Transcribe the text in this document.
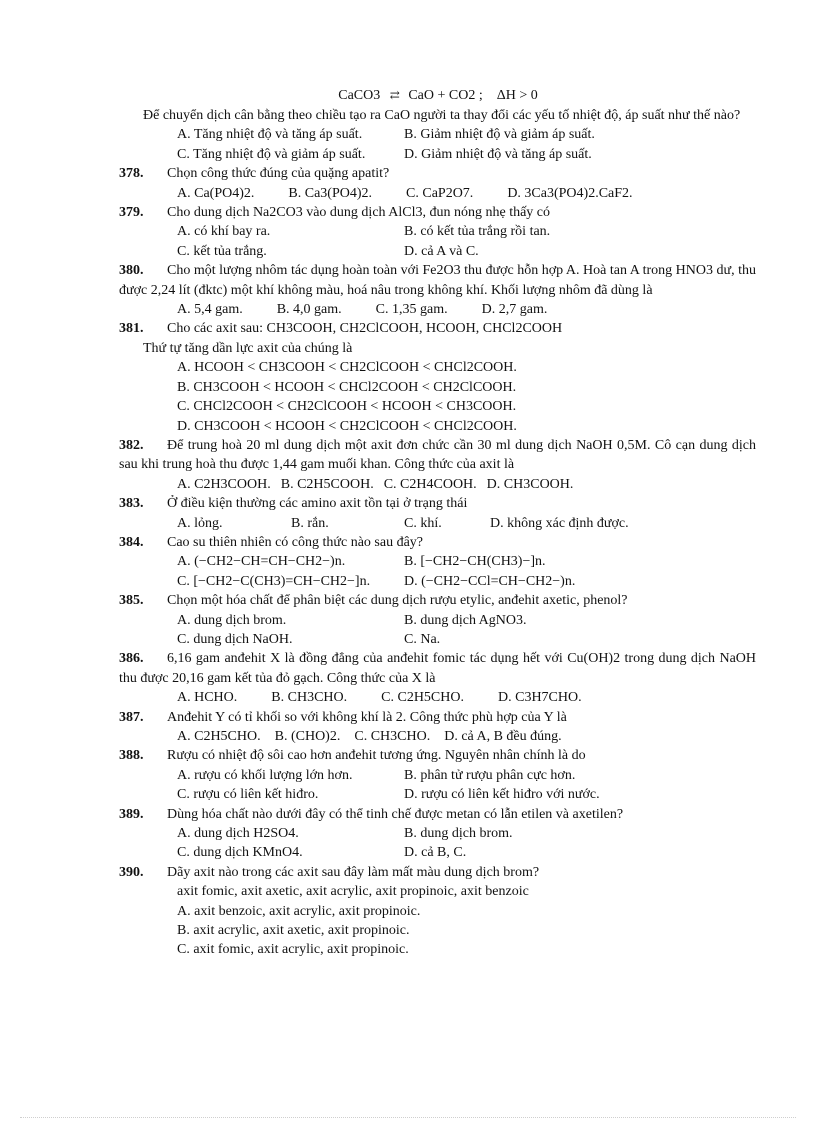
CaCO3 ⇄ CaO + CO2 ; ΔH > 0
Để chuyển dịch cân bằng theo chiều tạo ra CaO người ta thay đổi các yếu tố nhiệt độ, áp suất như thế nào?
A. Tăng nhiệt độ và tăng áp suất.	B. Giảm nhiệt độ và giảm áp suất.
C. Tăng nhiệt độ và giảm áp suất.	D. Giảm nhiệt độ và tăng áp suất.
378. Chọn công thức đúng của quặng apatit?
A. Ca(PO4)2. B. Ca3(PO4)2. C. CaP2O7. D. 3Ca3(PO4)2.CaF2.
379. Cho dung dịch Na2CO3 vào dung dịch AlCl3, đun nóng nhẹ thấy có
A. có khí bay ra.	B. có kết tủa trắng rồi tan.
C. kết tủa trắng.	D. cả A và C.
380. Cho một lượng nhôm tác dụng hoàn toàn với Fe2O3 thu được hỗn hợp A. Hoà tan A trong HNO3 dư, thu được 2,24 lít (đktc) một khí không màu, hoá nâu trong không khí. Khối lượng nhôm đã dùng là
A. 5,4 gam. B. 4,0 gam. C. 1,35 gam. D. 2,7 gam.
381. Cho các axit sau: CH3COOH, CH2ClCOOH, HCOOH, CHCl2COOH
Thứ tự tăng dần lực axit của chúng là
A. HCOOH < CH3COOH < CH2ClCOOH < CHCl2COOH.
B. CH3COOH < HCOOH < CHCl2COOH < CH2ClCOOH.
C. CHCl2COOH < CH2ClCOOH < HCOOH < CH3COOH.
D. CH3COOH < HCOOH < CH2ClCOOH < CHCl2COOH.
382. Để trung hoà 20 ml dung dịch một axit đơn chức cần 30 ml dung dịch NaOH 0,5M. Cô cạn dung dịch sau khi trung hoà thu được 1,44 gam muối khan. Công thức của axit là
A. C2H3COOH. B. C2H5COOH. C. C2H4COOH. D. CH3COOH.
383. Ở điều kiện thường các amino axit tồn tại ở trạng thái
A. lỏng.	B. rắn.	C. khí.	D. không xác định được.
384. Cao su thiên nhiên có công thức nào sau đây?
A. (−CH2−CH=CH−CH2−)n.	B. [−CH2−CH(CH3)−]n.
C. [−CH2−C(CH3)=CH−CH2−]n.	D. (−CH2−CCl=CH−CH2−)n.
385. Chọn một hóa chất để phân biệt các dung dịch rượu etylic, anđehit axetic, phenol?
A. dung dịch brom.	B. dung dịch AgNO3.
C. dung dịch NaOH.	C. Na.
386. 6,16 gam anđehit X là đồng đẳng của anđehit fomic tác dụng hết với Cu(OH)2 trong dung dịch NaOH thu được 20,16 gam kết tủa đỏ gạch. Công thức của X là
A. HCHO. B. CH3CHO. C. C2H5CHO. D. C3H7CHO.
387. Anđehit Y có tỉ khối so với không khí là 2. Công thức phù hợp của Y là
A. C2H5CHO. B. (CHO)2. C. CH3CHO. D. cả A, B đều đúng.
388. Rượu có nhiệt độ sôi cao hơn anđehit tương ứng. Nguyên nhân chính là do
A. rượu có khối lượng lớn hơn.	B. phân tử rượu phân cực hơn.
C. rượu có liên kết hiđro.	D. rượu có liên kết hiđro với nước.
389. Dùng hóa chất nào dưới đây có thể tinh chế được metan có lẫn etilen và axetilen?
A. dung dịch H2SO4.	B. dung dịch brom.
C. dung dịch KMnO4.	D. cả B, C.
390. Dãy axit nào trong các axit sau đây làm mất màu dung dịch brom?
axit fomic, axit axetic, axit acrylic, axit propinoic, axit benzoic
A. axit benzoic, axit acrylic, axit propinoic.
B. axit acrylic, axit axetic, axit propinoic.
C. axit fomic, axit acrylic, axit propinoic.
